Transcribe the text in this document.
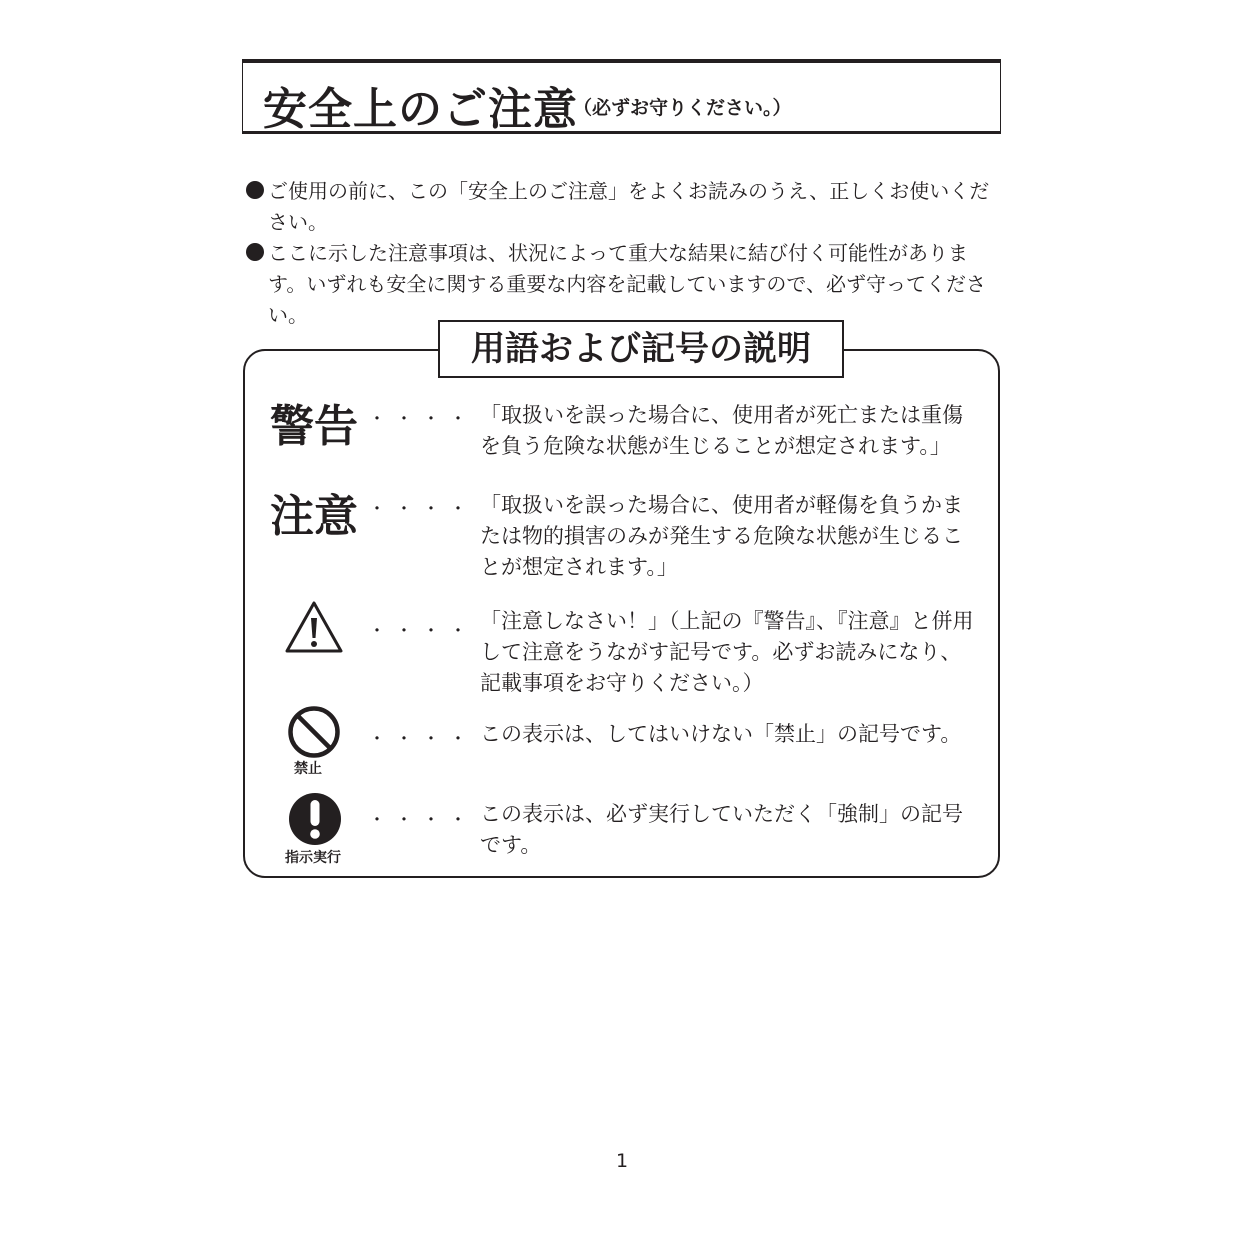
安全上のご注意
（必ずお守りください。）
ご使用の前に、この「安全上のご注意」をよくお読みのうえ、正しくお使いください。
ここに示した注意事項は、状況によって重大な結果に結び付く可能性があります。いずれも安全に関する重要な内容を記載していますので、必ず守ってください。
用語および記号の説明
警告 ・・・・ 「取扱いを誤った場合に、使用者が死亡または重傷を負う危険な状態が生じることが想定されます。」
注意 ・・・・ 「取扱いを誤った場合に、使用者が軽傷を負うかまたは物的損害のみが発生する危険な状態が生じることが想定されます。」
・・・・ 「注意しなさい！」（上記の『警告』、『注意』と併用して注意をうながす記号です。必ずお読みになり、記載事項をお守りください。）
禁止
・・・・ この表示は、してはいけない「禁止」の記号です。
指示実行
・・・・ この表示は、必ず実行していただく「強制」の記号です。
1
